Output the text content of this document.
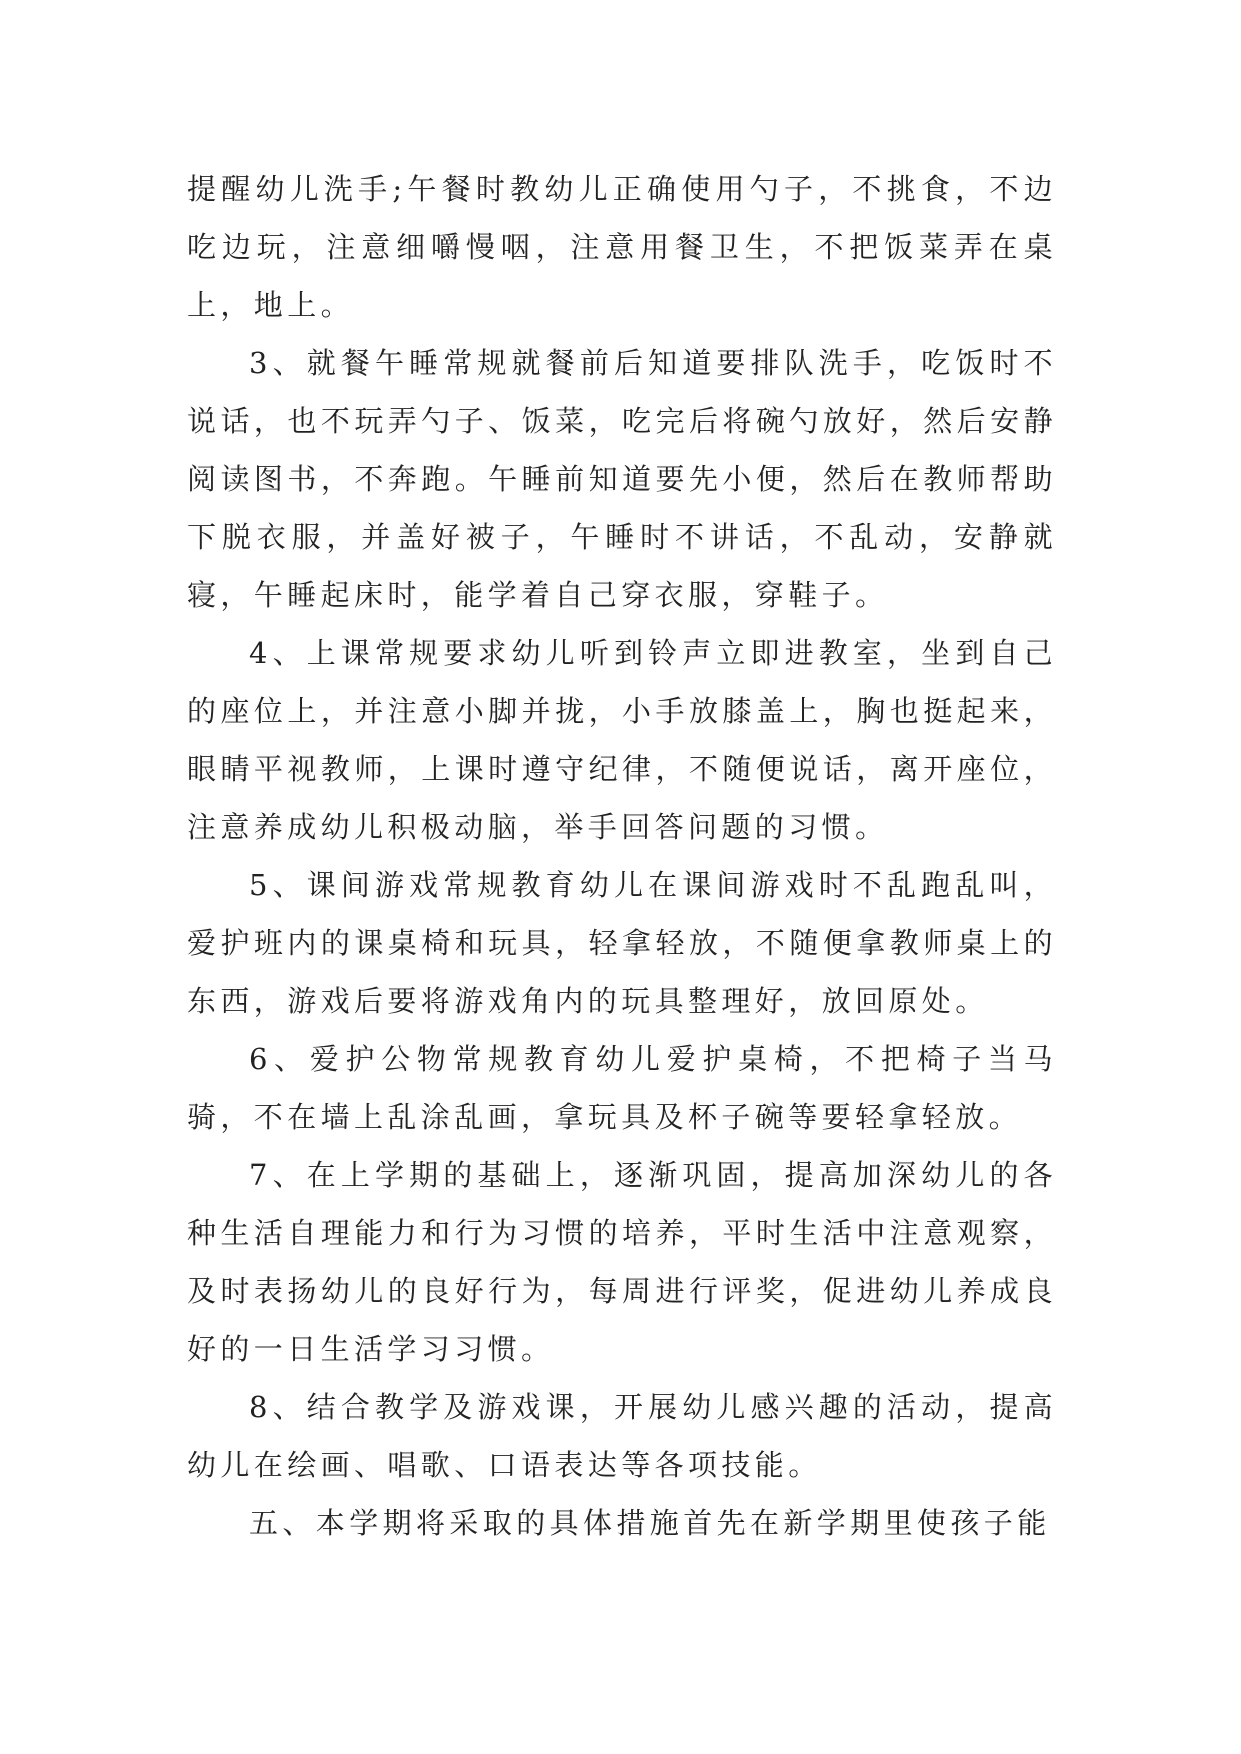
提醒幼儿洗手;午餐时教幼儿正确使用勺子，不挑食，不边吃边玩，注意细嚼慢咽，注意用餐卫生，不把饭菜弄在桌上，地上。

3、就餐午睡常规就餐前后知道要排队洗手，吃饭时不说话，也不玩弄勺子、饭菜，吃完后将碗勺放好，然后安静阅读图书，不奔跑。午睡前知道要先小便，然后在教师帮助下脱衣服，并盖好被子，午睡时不讲话，不乱动，安静就寝，午睡起床时，能学着自己穿衣服，穿鞋子。

4、上课常规要求幼儿听到铃声立即进教室，坐到自己的座位上，并注意小脚并拢，小手放膝盖上，胸也挺起来，眼睛平视教师，上课时遵守纪律，不随便说话，离开座位，注意养成幼儿积极动脑，举手回答问题的习惯。

5、课间游戏常规教育幼儿在课间游戏时不乱跑乱叫，爱护班内的课桌椅和玩具，轻拿轻放，不随便拿教师桌上的东西，游戏后要将游戏角内的玩具整理好，放回原处。

6、爱护公物常规教育幼儿爱护桌椅，不把椅子当马骑，不在墙上乱涂乱画，拿玩具及杯子碗等要轻拿轻放。

7、在上学期的基础上，逐渐巩固，提高加深幼儿的各种生活自理能力和行为习惯的培养，平时生活中注意观察，及时表扬幼儿的良好行为，每周进行评奖，促进幼儿养成良好的一日生活学习习惯。

8、结合教学及游戏课，开展幼儿感兴趣的活动，提高幼儿在绘画、唱歌、口语表达等各项技能。

五、本学期将采取的具体措施首先在新学期里使孩子能
